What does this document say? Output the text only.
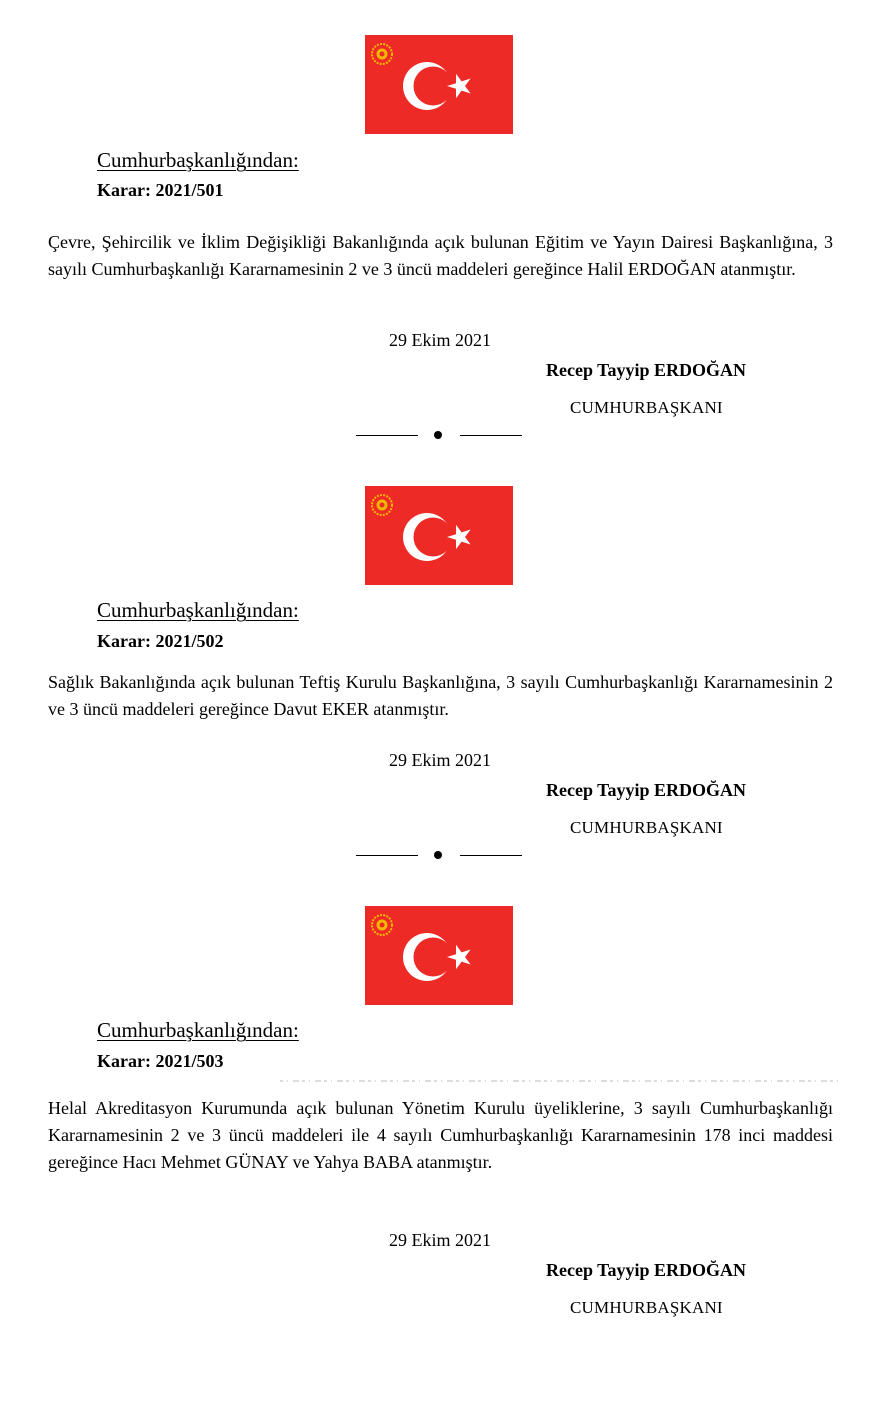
Cumhurbaşkanlığından:
Karar: 2021/501

Çevre, Şehircilik ve İklim Değişikliği Bakanlığında açık bulunan Eğitim ve Yayın Dairesi Başkanlığına, 3 sayılı Cumhurbaşkanlığı Kararnamesinin 2 ve 3 üncü maddeleri gereğince Halil ERDOĞAN atanmıştır.

29 Ekim 2021
Recep Tayyip ERDOĞAN
CUMHURBAŞKANI
Cumhurbaşkanlığından:
Karar: 2021/502

Sağlık Bakanlığında açık bulunan Teftiş Kurulu Başkanlığına, 3 sayılı Cumhurbaşkanlığı Kararnamesinin 2 ve 3 üncü maddeleri gereğince Davut EKER atanmıştır.

29 Ekim 2021
Recep Tayyip ERDOĞAN
CUMHURBAŞKANI
Cumhurbaşkanlığından:
Karar: 2021/503

Helal Akreditasyon Kurumunda açık bulunan Yönetim Kurulu üyeliklerine, 3 sayılı Cumhurbaşkanlığı Kararnamesinin 2 ve 3 üncü maddeleri ile 4 sayılı Cumhurbaşkanlığı Kararnamesinin 178 inci maddesi gereğince Hacı Mehmet GÜNAY ve Yahya BABA atanmıştır.

29 Ekim 2021
Recep Tayyip ERDOĞAN
CUMHURBAŞKANI
